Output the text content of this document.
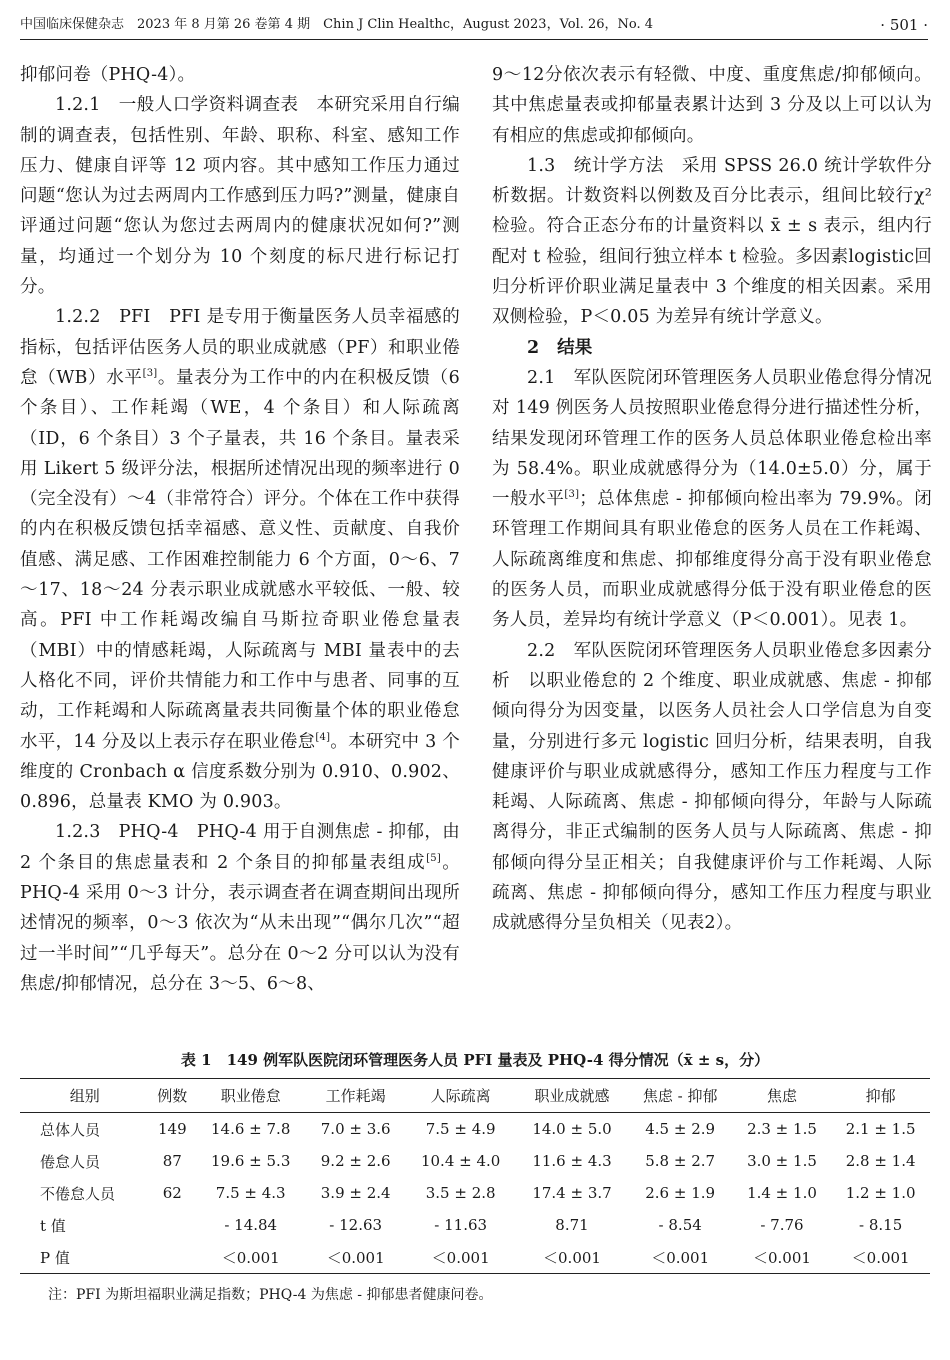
中国临床保健杂志　2023 年 8 月第 26 卷第 4 期　Chin J Clin Healthc，August 2023，Vol. 26，No. 4	· 501 ·

抑郁问卷（PHQ-4）。

1.2.1　一般人口学资料调查表　本研究采用自行编制的调查表，包括性别、年龄、职称、科室、感知工作压力、健康自评等 12 项内容。其中感知工作压力通过问题“您认为过去两周内工作感到压力吗?”测量，健康自评通过问题“您认为您过去两周内的健康状况如何?”测量，均通过一个划分为 10 个刻度的标尺进行标记打分。

1.2.2　PFI　PFI 是专用于衡量医务人员幸福感的指标，包括评估医务人员的职业成就感（PF）和职业倦怠（WB）水平[3]。量表分为工作中的内在积极反馈（6 个条目）、工作耗竭（WE，4 个条目）和人际疏离（ID，6 个条目）3 个子量表，共 16 个条目。量表采用 Likert 5 级评分法，根据所述情况出现的频率进行 0（完全没有）～4（非常符合）评分。个体在工作中获得的内在积极反馈包括幸福感、意义性、贡献度、自我价值感、满足感、工作困难控制能力 6 个方面，0～6、7～17、18～24 分表示职业成就感水平较低、一般、较高。PFI 中工作耗竭改编自马斯拉奇职业倦怠量表（MBI）中的情感耗竭，人际疏离与 MBI 量表中的去人格化不同，评价共情能力和工作中与患者、同事的互动，工作耗竭和人际疏离量表共同衡量个体的职业倦怠水平，14 分及以上表示存在职业倦怠[4]。本研究中 3 个维度的 Cronbach α 信度系数分别为 0.910、0.902、0.896，总量表 KMO 为 0.903。

1.2.3　PHQ-4　PHQ-4 用于自测焦虑 - 抑郁，由 2 个条目的焦虑量表和 2 个条目的抑郁量表组成[5]。PHQ-4 采用 0～3 计分，表示调查者在调查期间出现所述情况的频率，0～3 依次为“从未出现”“偶尔几次”“超过一半时间”“几乎每天”。总分在 0～2 分可以认为没有焦虑/抑郁情况，总分在 3～5、6～8、

9～12分依次表示有轻微、中度、重度焦虑/抑郁倾向。其中焦虑量表或抑郁量表累计达到 3 分及以上可以认为有相应的焦虑或抑郁倾向。

1.3　统计学方法　采用 SPSS 26.0 统计学软件分析数据。计数资料以例数及百分比表示，组间比较行χ² 检验。符合正态分布的计量资料以 x̄ ± s 表示，组内行配对 t 检验，组间行独立样本 t 检验。多因素logistic回归分析评价职业满足量表中 3 个维度的相关因素。采用双侧检验，P＜0.05 为差异有统计学意义。

2　结果

2.1　军队医院闭环管理医务人员职业倦怠得分情况　对 149 例医务人员按照职业倦怠得分进行描述性分析，结果发现闭环管理工作的医务人员总体职业倦怠检出率为 58.4%。职业成就感得分为（14.0±5.0）分，属于一般水平[3]；总体焦虑 - 抑郁倾向检出率为 79.9%。闭环管理工作期间具有职业倦怠的医务人员在工作耗竭、人际疏离维度和焦虑、抑郁维度得分高于没有职业倦怠的医务人员，而职业成就感得分低于没有职业倦怠的医务人员，差异均有统计学意义（P＜0.001）。见表 1。

2.2　军队医院闭环管理医务人员职业倦怠多因素分析　以职业倦怠的 2 个维度、职业成就感、焦虑 - 抑郁倾向得分为因变量，以医务人员社会人口学信息为自变量，分别进行多元 logistic 回归分析，结果表明，自我健康评价与职业成就感得分，感知工作压力程度与工作耗竭、人际疏离、焦虑 - 抑郁倾向得分，年龄与人际疏离得分，非正式编制的医务人员与人际疏离、焦虑 - 抑郁倾向得分呈正相关；自我健康评价与工作耗竭、人际疏离、焦虑 - 抑郁倾向得分，感知工作压力程度与职业成就感得分呈负相关（见表2）。

表 1　149 例军队医院闭环管理医务人员 PFI 量表及 PHQ-4 得分情况（x̄ ± s，分）
组别	例数	职业倦怠	工作耗竭	人际疏离	职业成就感	焦虑 - 抑郁	焦虑	抑郁
总体人员	149	14.6 ± 7.8	7.0 ± 3.6	7.5 ± 4.9	14.0 ± 5.0	4.5 ± 2.9	2.3 ± 1.5	2.1 ± 1.5
倦怠人员	87	19.6 ± 5.3	9.2 ± 2.6	10.4 ± 4.0	11.6 ± 4.3	5.8 ± 2.7	3.0 ± 1.5	2.8 ± 1.4
不倦怠人员	62	7.5 ± 4.3	3.9 ± 2.4	3.5 ± 2.8	17.4 ± 3.7	2.6 ± 1.9	1.4 ± 1.0	1.2 ± 1.0
t 值		- 14.84	- 12.63	- 11.63	8.71	- 8.54	- 7.76	- 8.15
P 值		＜0.001	＜0.001	＜0.001	＜0.001	＜0.001	＜0.001	＜0.001
注：PFI 为斯坦福职业满足指数；PHQ-4 为焦虑 - 抑郁患者健康问卷。
